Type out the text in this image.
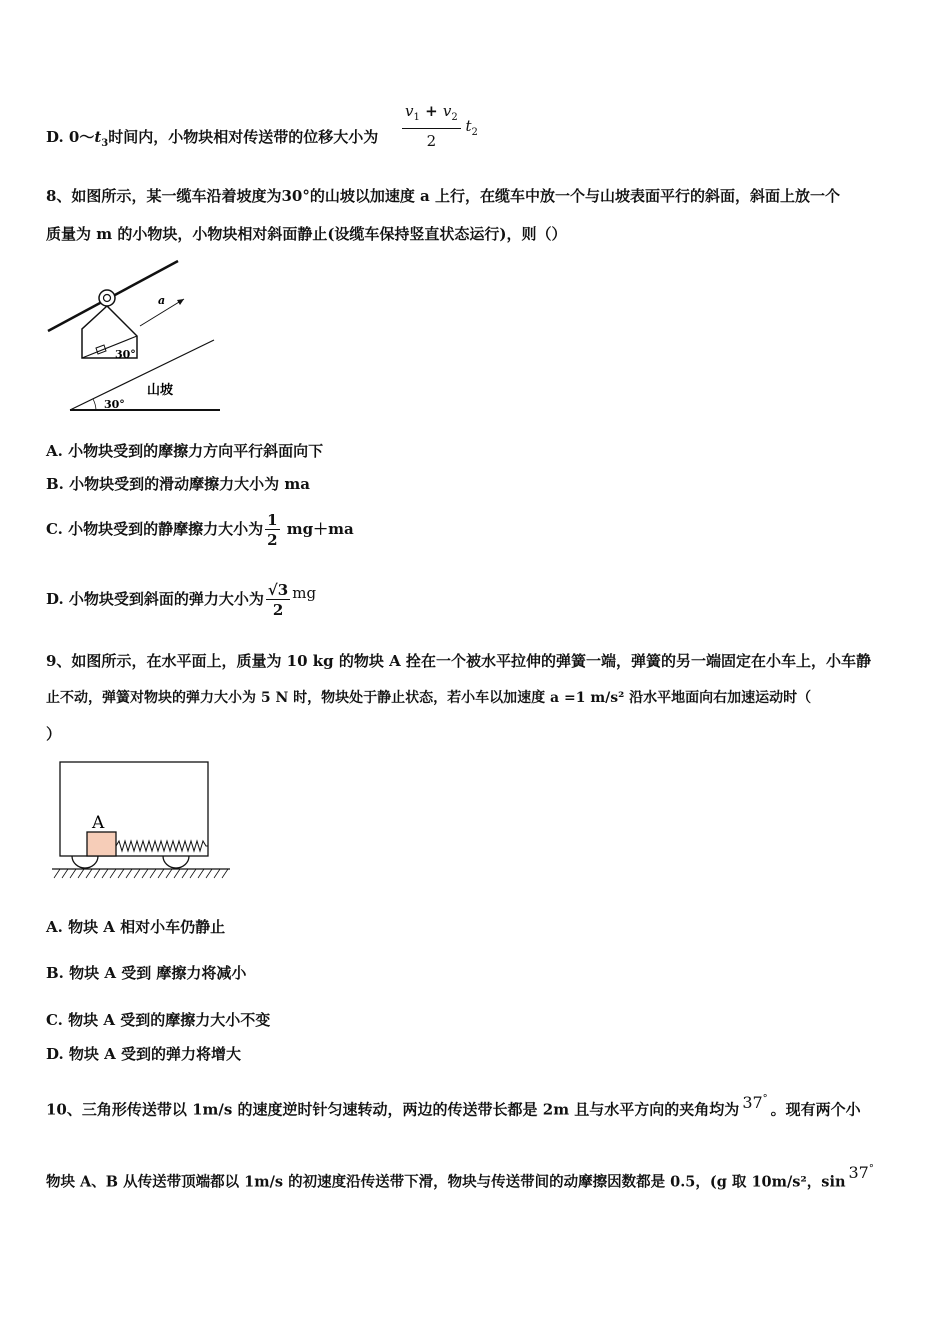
D. $0\sim t_3$时间内，小物块相对传送带的位移大小为 $\frac{v_1 + v_2}{2} t_2$
8、如图所示，某一缆车沿着坡度为30°的山坡以加速度 a 上行，在缆车中放一个与山坡表面平行的斜面，斜面上放一个
质量为 m 的小物块，小物块相对斜面静止(设缆车保持竖直状态运行)，则（）
30°
a
30°
山坡
A. 小物块受到的摩擦力方向平行斜面向下
B. 小物块受到的滑动摩擦力大小为 ma
C. 小物块受到的静摩擦力大小为 $\frac{1}{2} mg+ma$
D. 小物块受到斜面的弹力大小为 $\frac{√3}{2}$ mg
9、如图所示，在水平面上，质量为 10 kg 的物块 A 拴在一个被水平拉伸的弹簧一端，弹簧的另一端固定在小车上，小车静
止不动，弹簧对物块的弹力大小为 5 N 时，物块处于静止状态，若小车以加速度 a =1 m/s² 沿水平地面向右加速运动时（
）
A
A. 物块 A 相对小车仍静止
B. 物块 A 受到 摩擦力将减小
C. 物块 A 受到的摩擦力大小不变
D. 物块 A 受到的弹力将增大
10、三角形传送带以 1m/s 的速度逆时针匀速转动，两边的传送带长都是 2m 且与水平方向的夹角均为 37°。现有两个小
物块 A、B 从传送带顶端都以 1m/s 的初速度沿传送带下滑，物块与传送带间的动摩擦因数都是 0.5，(g 取 10m/s²，sin 37°
